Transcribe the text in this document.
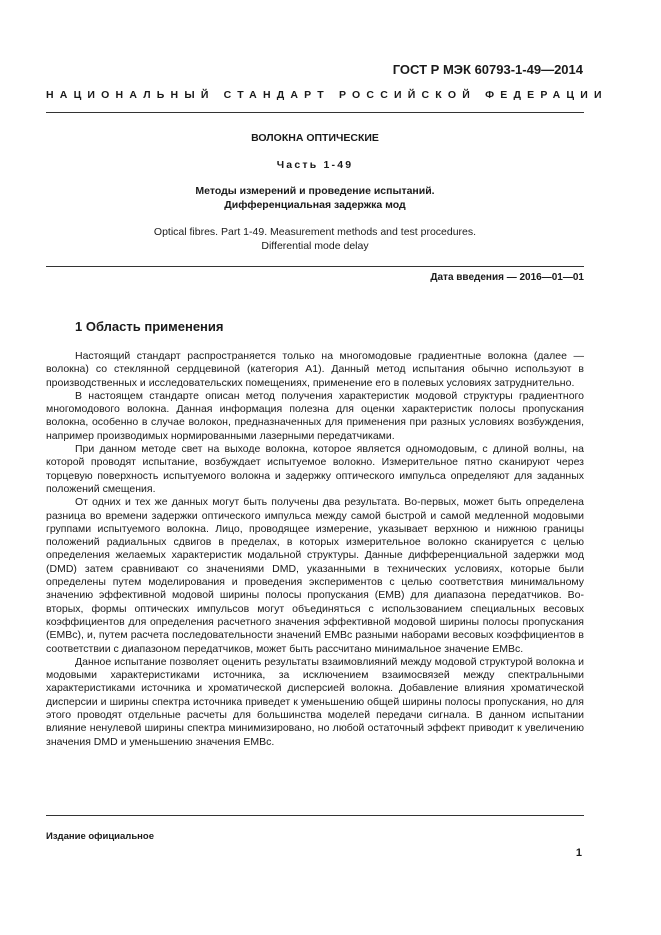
ГОСТ Р МЭК 60793-1-49—2014
НАЦИОНАЛЬНЫЙ СТАНДАРТ РОССИЙСКОЙ ФЕДЕРАЦИИ
ВОЛОКНА ОПТИЧЕСКИЕ
Часть 1-49
Методы измерений и проведение испытаний.
Дифференциальная задержка мод
Optical fibres. Part 1-49. Measurement methods and test procedures.
Differential mode delay
Дата введения — 2016—01—01
1 Область применения

Настоящий стандарт распространяется только на многомодовые градиентные волокна (далее — волокна) со стеклянной сердцевиной (категория А1). Данный метод испытания обычно используют в производственных и исследовательских помещениях, применение его в полевых условиях затруднительно.

В настоящем стандарте описан метод получения характеристик модовой структуры градиентного многомодового волокна. Данная информация полезна для оценки характеристик полосы пропускания волокна, особенно в случае волокон, предназначенных для применения при разных условиях возбуждения, например производимых нормированными лазерными передатчиками.

При данном методе свет на выходе волокна, которое является одномодовым, с длиной волны, на которой проводят испытание, возбуждает испытуемое волокно. Измерительное пятно сканируют через торцевую поверхность испытуемого волокна и задержку оптического импульса определяют для заданных положений смещения.

От одних и тех же данных могут быть получены два результата. Во-первых, может быть определена разница во времени задержки оптического импульса между самой быстрой и самой медленной модовыми группами испытуемого волокна. Лицо, проводящее измерение, указывает верхнюю и нижнюю границы положений радиальных сдвигов в пределах, в которых измерительное волокно сканируется с целью определения желаемых характеристик модальной структуры. Данные дифференциальной задержки мод (DMD) затем сравнивают со значениями DMD, указанными в технических условиях, которые были определены путем моделирования и проведения экспериментов с целью соответствия минимальному значению эффективной модовой ширины полосы пропускания (EMB) для диапазона передатчиков. Во-вторых, формы оптических импульсов могут объединяться с использованием специальных весовых коэффициентов для определения расчетного значения эффективной модовой ширины полосы пропускания (EMBc), и, путем расчета последовательности значений EMBc разными наборами весовых коэффициентов в соответствии с диапазоном передатчиков, может быть рассчитано минимальное значение EMBc.

Данное испытание позволяет оценить результаты взаимовлияний между модовой структурой волокна и модовыми характеристиками источника, за исключением взаимосвязей между спектральными характеристиками источника и хроматической дисперсией волокна. Добавление влияния хроматической дисперсии и ширины спектра источника приведет к уменьшению общей ширины полосы пропускания, но для этого проводят отдельные расчеты для большинства моделей передачи сигнала. В данном испытании влияние ненулевой ширины спектра минимизировано, но любой остаточный эффект приводит к увеличению значения DMD и уменьшению значения EMBc.

Издание официальное
1
